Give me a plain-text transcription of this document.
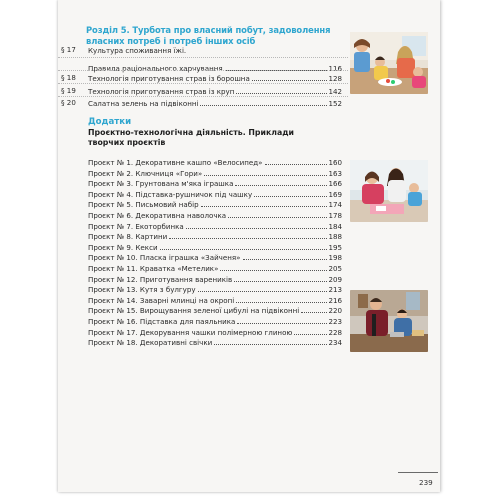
Розділ 5. Турбота про власний побут, задоволення власних потреб і потреб інших осіб
§ 17 Культура споживання їжі.
Правила раціонального харчування	116
§ 18 Технологія приготування страв із борошна	128
§ 19 Технологія приготування страв із круп	142
§ 20 Салатна зелень на підвіконні	152
Додатки
Проєктно-технологічна діяльність. Приклади творчих проєктів
Проєкт № 1. Декоративне кашпо «Велосипед»	160
Проєкт № 2. Ключниця «Гори»	163
Проєкт № 3. Грунтована м'яка іграшка	166
Проєкт № 4. Підставка-рушничок під чашку	169
Проєкт № 5. Письмовий набір	174
Проєкт № 6. Декоративна наволочка	178
Проєкт № 7. Екоторбинка	184
Проєкт № 8. Картини	188
Проєкт № 9. Кекси	195
Проєкт № 10. Пласка іграшка «Зайченя»	198
Проєкт № 11. Краватка «Метелик»	205
Проєкт № 12. Приготування вареників	209
Проєкт № 13. Кутя з булгуру	213
Проєкт № 14. Заварні млинці на окропі	216
Проєкт № 15. Вирощування зеленої цибулі на підвіконні	220
Проєкт № 16. Підставка для паяльника	223
Проєкт № 17. Декорування чашки полімерною глиною	228
Проєкт № 18. Декоративні свічки	234
239
